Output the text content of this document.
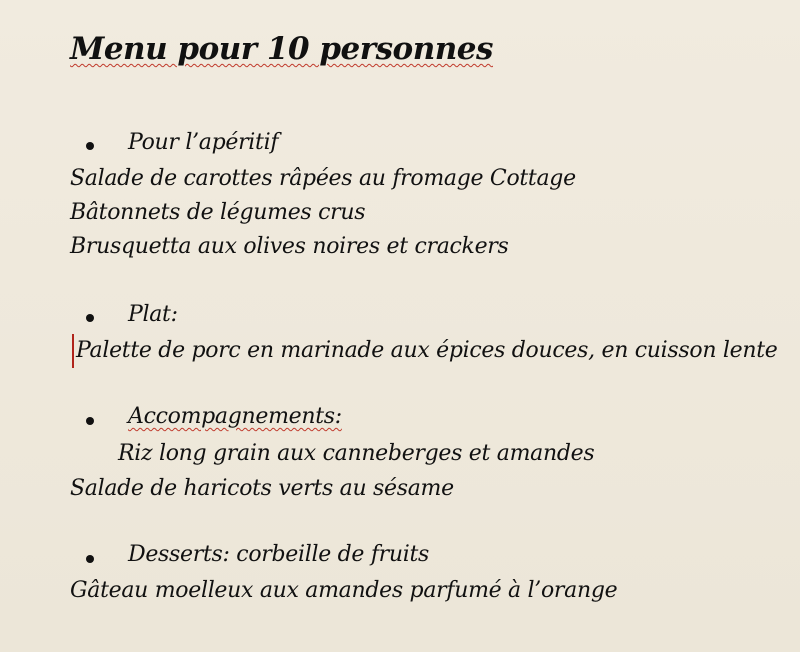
Menu pour 10 personnes
Pour l’apéritif
Salade de carottes râpées au fromage Cottage
Bâtonnets de légumes crus
Brusquetta aux olives noires et crackers
Plat:
Palette de porc en marinade aux épices douces, en cuisson lente
Accompagnements:
Riz long grain aux canneberges et amandes
Salade de haricots verts au sésame
Desserts: corbeille de fruits
Gâteau moelleux aux amandes parfumé à l’orange
